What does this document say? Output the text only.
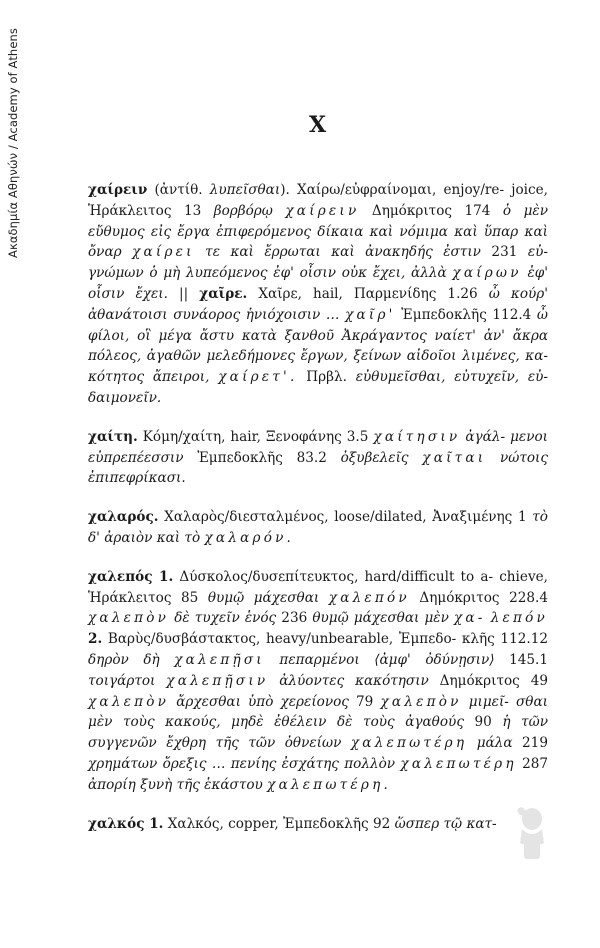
Ακαδημία Αθηνών / Academy of Athens	X

χαίρειν (ἀντίθ. λυπεῖσθαι). Χαίρω/εὐφραίνομαι, enjoy/re- joice, Ἡράκλειτος 13 βορβόρῳ χαίρειν Δημόκριτος 174 ὁ μὲν εὔθυμος εἰς ἔργα ἐπιφερόμενος δίκαια καὶ νόμιμα καὶ ὕπαρ καὶ ὄναρ χαίρει τε καὶ ἔρρωται καὶ ἀνακηδής ἐστιν 231 εὐ- γνώμων ὁ μὴ λυπεόμενος ἐφ' οἷσιν οὐκ ἔχει, ἀλλὰ χαίρων ἐφ' οἷσιν ἔχει. || χαῖρε. Χαῖρε, hail, Παρμενίδης 1.26 ὦ κούρ' ἀθανάτοισι συνάορος ἡνιόχοισιν … χαῖρ' Ἐμπεδοκλῆς 112.4 ὦ φίλοι, οἳ μέγα ἄστυ κατὰ ξανθοῦ Ἀκράγαντος ναίετ' ἀν' ἄκρα πόλεος, ἀγαθῶν μελεδήμονες ἔργων, ξείνων αἰδοῖοι λιμένες, κα- κότητος ἄπειροι, χαίρετ'. Πρβλ. εὐθυμεῖσθαι, εὐτυχεῖν, εὐ- δαιμονεῖν.

χαίτη. Κόμη/χαίτη, hair, Ξενοφάνης 3.5 χαίτησιν ἀγάλ- μενοι εὐπρεπέεσσιν Ἐμπεδοκλῆς 83.2 ὀξυβελεῖς χαῖται νώτοις ἐπιπεφρίκασι.

χαλαρός. Χαλαρὸς/διεσταλμένος, loose/dilated, Ἀναξιμένης 1 τὸ δ' ἀραιὸν καὶ τὸ χαλαρόν.

χαλεπός 1. Δύσκολος/δυσεπίτευκτος, hard/difficult to a- chieve, Ἡράκλειτος 85 θυμῷ μάχεσθαι χαλεπόν Δημόκριτος 228.4 χαλεπὸν δὲ τυχεῖν ἑνός 236 θυμῷ μάχεσθαι μὲν χα- λεπόν 2. Βαρὺς/δυσβάστακτος, heavy/unbearable, Ἐμπεδο- κλῆς 112.12 δηρὸν δὴ χαλεπῇσι πεπαρμένοι ⟨ἀμφ' ὀδύνῃσιν⟩ 145.1 τοιγάρτοι χαλεπῇσιν ἀλύοντες κακότησιν Δημόκριτος 49 χαλεπὸν ἄρχεσθαι ὑπὸ χερείονος 79 χαλεπὸν μιμεῖ- σθαι μὲν τοὺς κακούς, μηδὲ ἐθέλειν δὲ τοὺς ἀγαθούς 90 ἡ τῶν συγγενῶν ἔχθρη τῆς τῶν ὀθνείων χαλεπωτέρη μάλα 219 χρημάτων ὄρεξις … πενίης ἐσχάτης πολλὸν χαλεπωτέρη 287 ἀπορίη ξυνὴ τῆς ἑκάστου χαλεπωτέρη.

χαλκός 1. Χαλκός, copper, Ἐμπεδοκλῆς 92 ὥσπερ τῷ κατ-
